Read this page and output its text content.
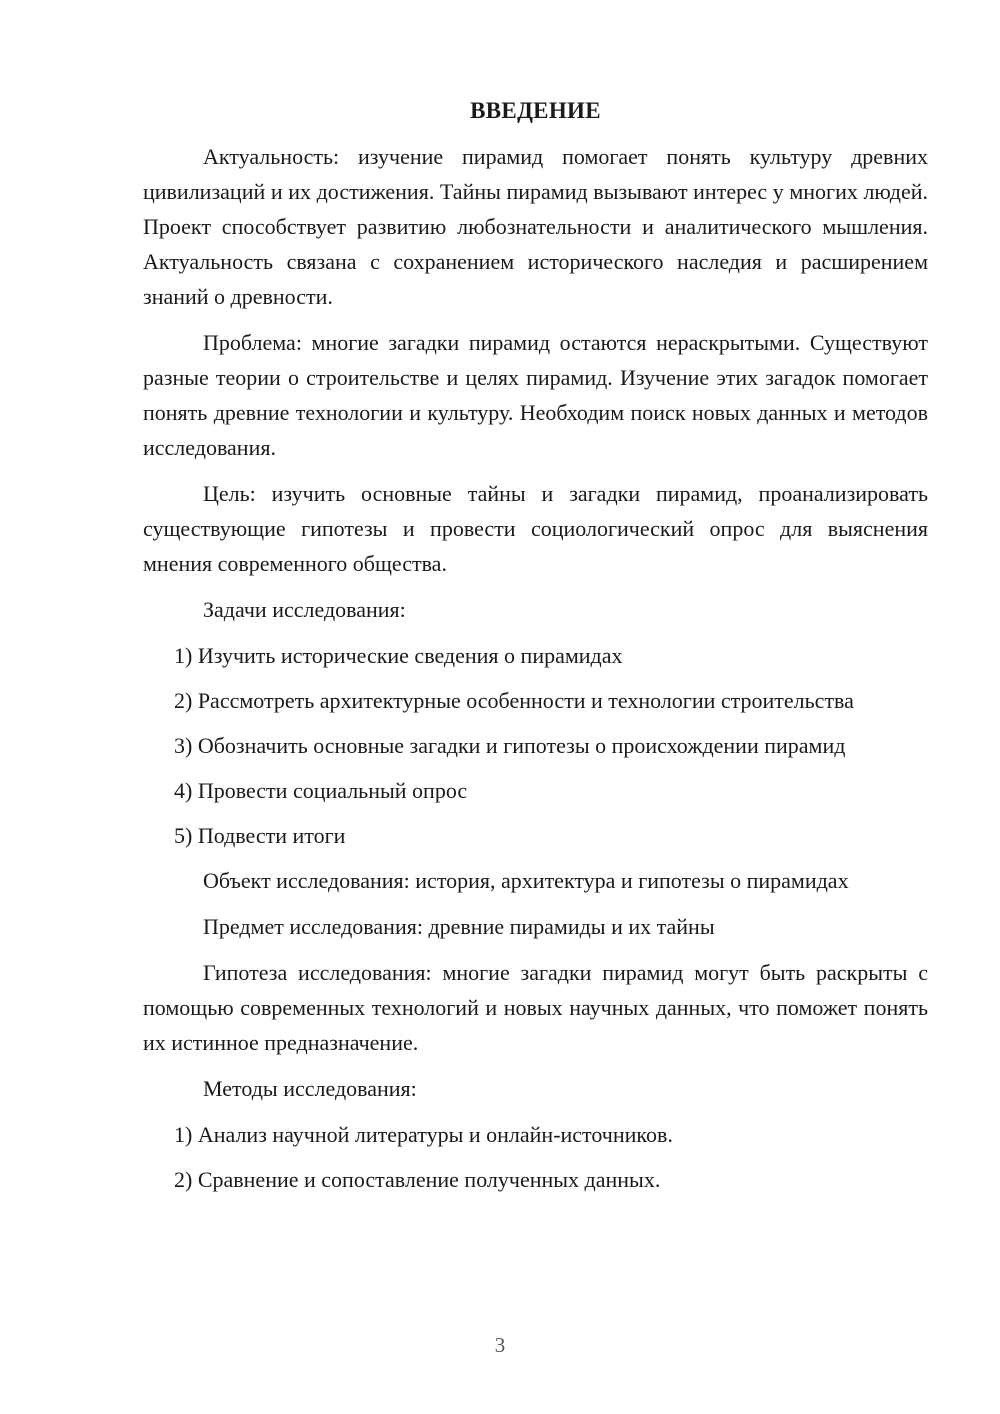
ВВЕДЕНИЕ

Актуальность: изучение пирамид помогает понять культуру древних цивилизаций и их достижения. Тайны пирамид вызывают интерес у многих людей. Проект способствует развитию любознательности и аналитического мышления. Актуальность связана с сохранением исторического наследия и расширением знаний о древности.

Проблема: многие загадки пирамид остаются нераскрытыми. Существуют разные теории о строительстве и целях пирамид. Изучение этих загадок помогает понять древние технологии и культуру. Необходим поиск новых данных и методов исследования.

Цель: изучить основные тайны и загадки пирамид, проанализировать существующие гипотезы и провести социологический опрос для выяснения мнения современного общества.

Задачи исследования:

1) Изучить исторические сведения о пирамидах

2) Рассмотреть архитектурные особенности и технологии строительства

3) Обозначить основные загадки и гипотезы о происхождении пирамид

4) Провести социальный опрос

5) Подвести итоги

Объект исследования: история, архитектура и гипотезы о пирамидах

Предмет исследования: древние пирамиды и их тайны

Гипотеза исследования: многие загадки пирамид могут быть раскрыты с помощью современных технологий и новых научных данных, что поможет понять их истинное предназначение.

Методы исследования:

1) Анализ научной литературы и онлайн-источников.

2) Сравнение и сопоставление полученных данных.

3
